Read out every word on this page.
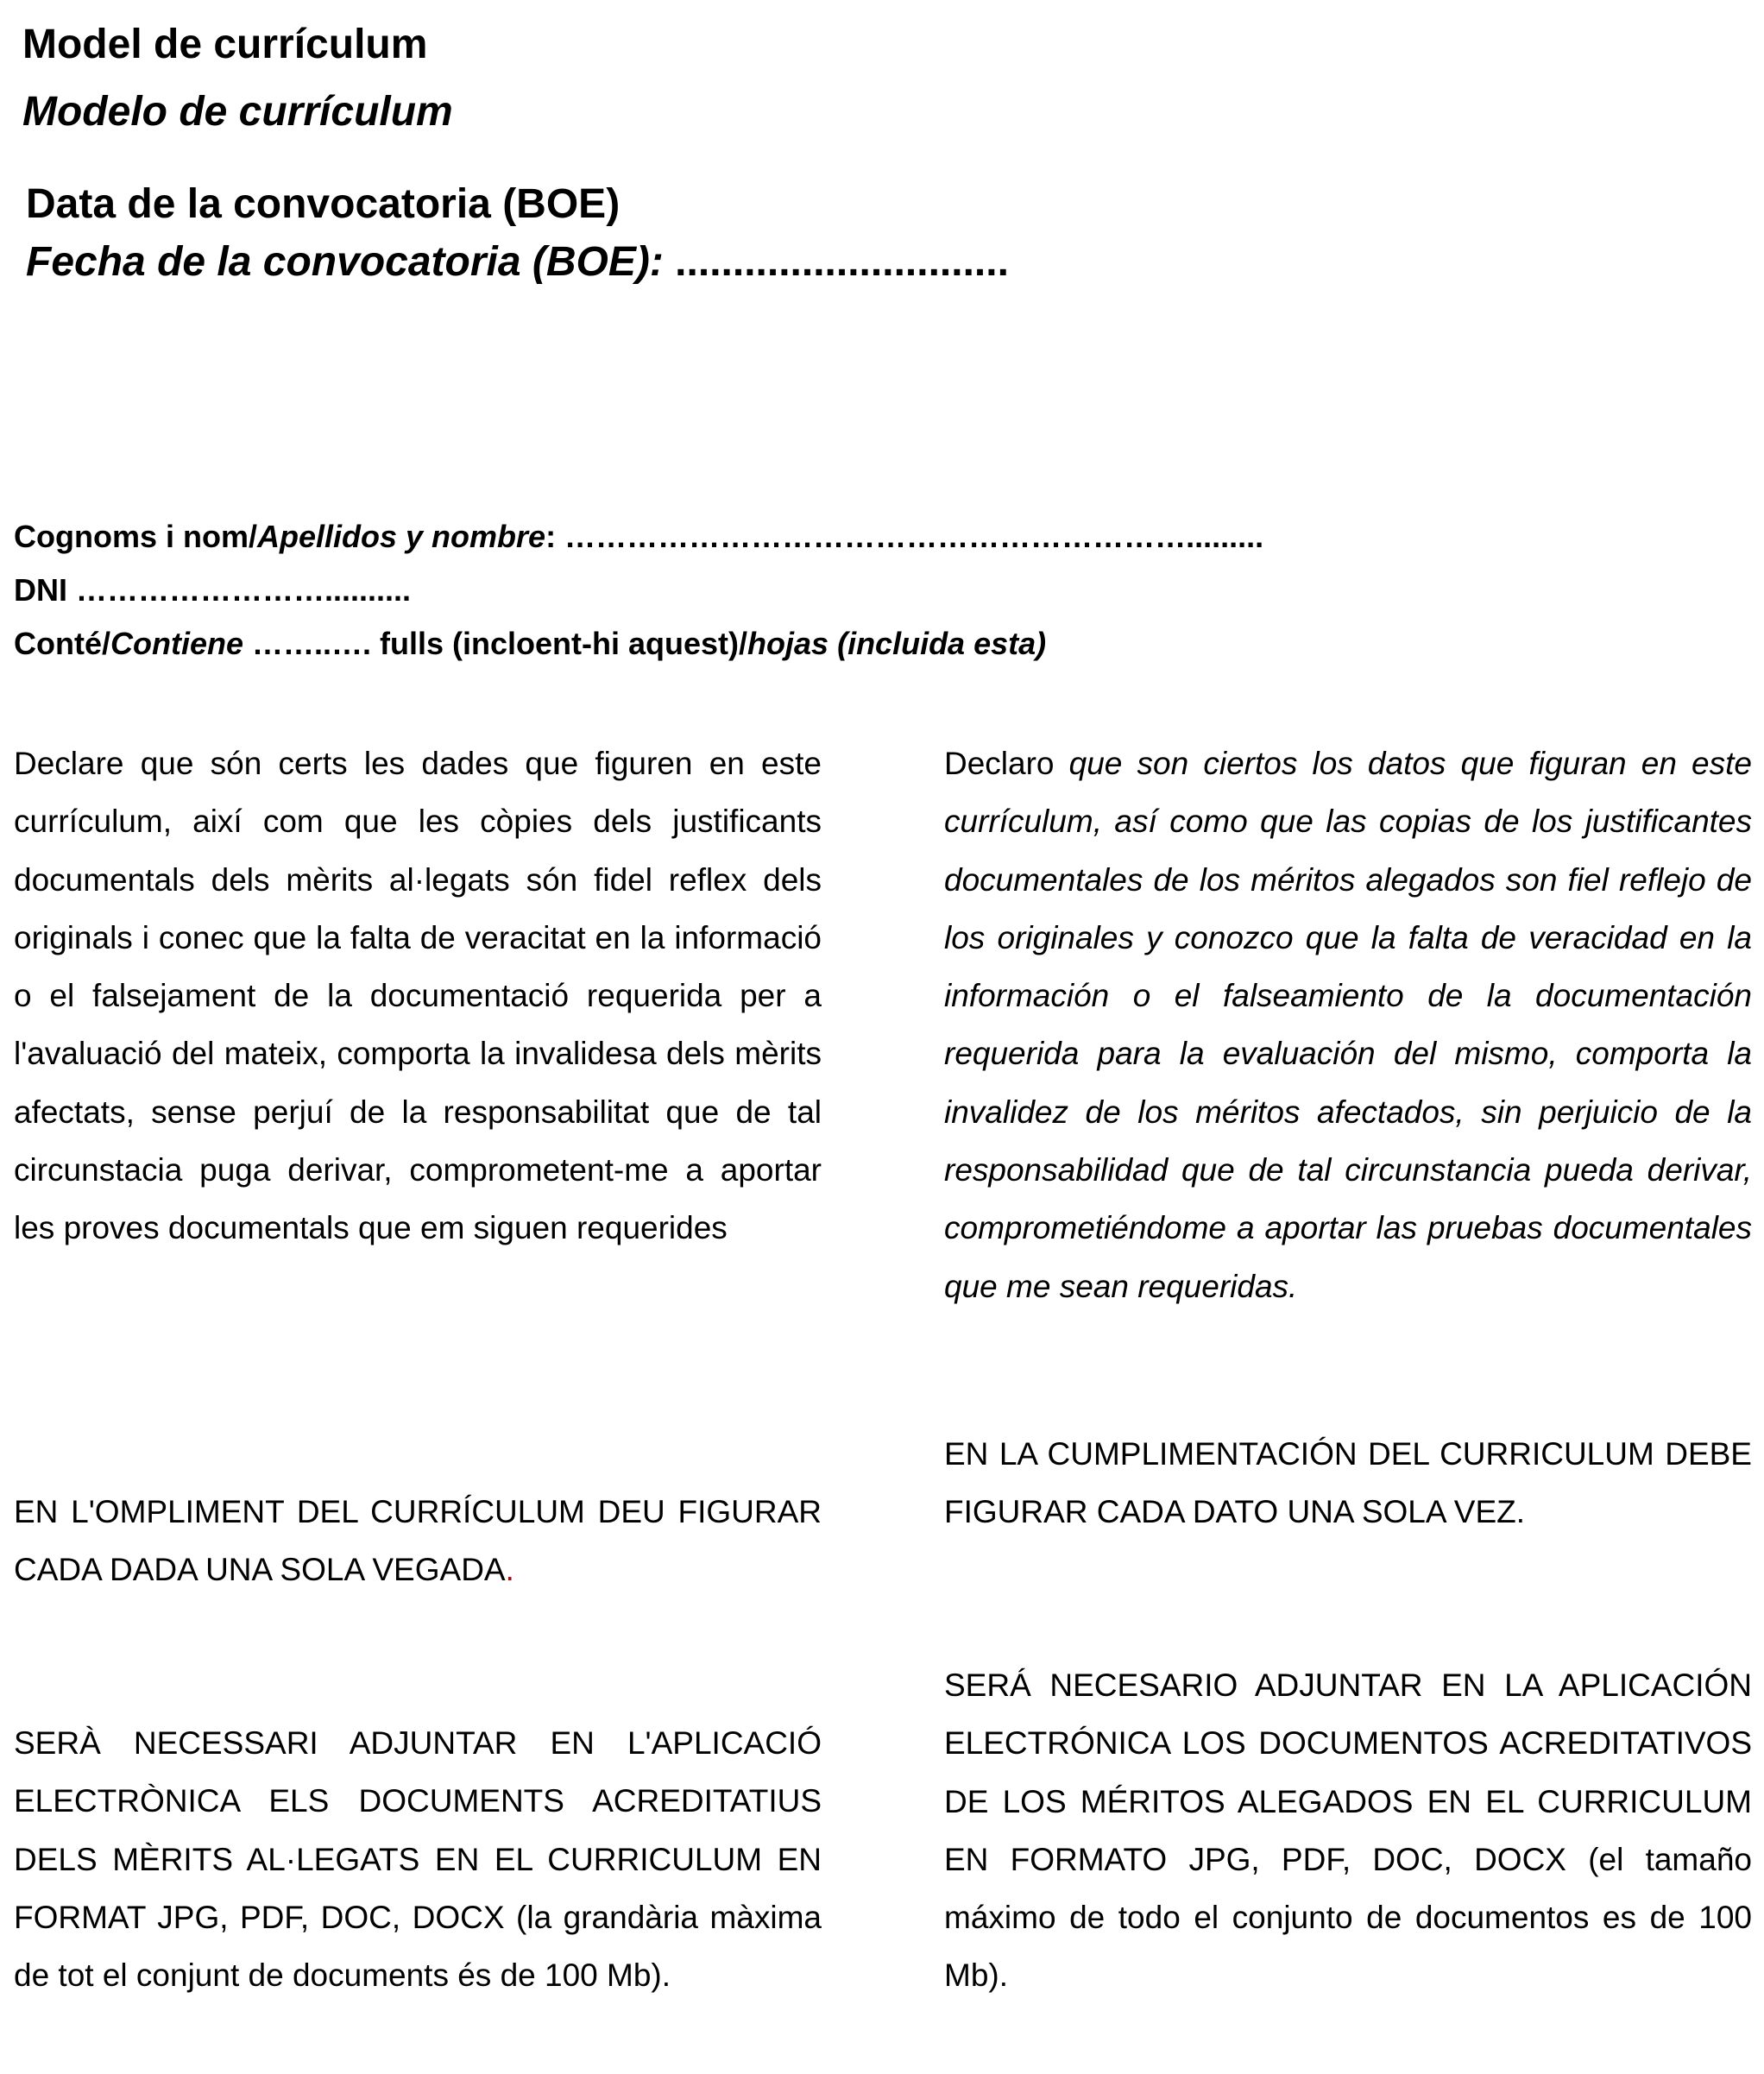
Model de currículum
Modelo de currículum
Data de la convocatoria (BOE)
Fecha de la convocatoria (BOE): .............................
Cognoms i nom/Apellidos y nombre: …………………………………………………….........
DNI ……………………..........
Conté/Contiene ……..…. fulls (incloent-hi aquest)/hojas (incluida esta)

Declare que són certs les dades que figuren en este currículum, així com que les còpies dels justificants documentals dels mèrits al·legats són fidel reflex dels originals i conec que la falta de veracitat en la informació o el falsejament de la documentació requerida per a l'avaluació del mateix, comporta la invalidesa dels mèrits afectats, sense perjuí de la responsabilitat que de tal circunstacia puga derivar, comprometent-me a aportar les proves documentals que em siguen requerides

Declaro que son ciertos los datos que figuran en este currículum, así como que las copias de los justificantes documentales de los méritos alegados son fiel reflejo de los originales y conozco que la falta de veracidad en la información o el falseamiento de la documentación requerida para la evaluación del mismo, comporta la invalidez de los méritos afectados, sin perjuicio de la responsabilidad que de tal circunstancia pueda derivar, comprometiéndome a aportar las pruebas documentales que me sean requeridas.

EN L'OMPLIMENT DEL CURRÍCULUM DEU FIGURAR CADA DADA UNA SOLA VEGADA.

EN LA CUMPLIMENTACIÓN DEL CURRICULUM DEBE FIGURAR CADA DATO UNA SOLA VEZ.

SERÀ NECESSARI ADJUNTAR EN L'APLICACIÓ ELECTRÒNICA ELS DOCUMENTS ACREDITATIUS DELS MÈRITS AL·LEGATS EN EL CURRICULUM EN FORMAT JPG, PDF, DOC, DOCX (la grandària màxima de tot el conjunt de documents és de 100 Mb).

SERÁ NECESARIO ADJUNTAR EN LA APLICACIÓN ELECTRÓNICA LOS DOCUMENTOS ACREDITATIVOS DE LOS MÉRITOS ALEGADOS EN EL CURRICULUM EN FORMATO JPG, PDF, DOC, DOCX (el tamaño máximo de todo el conjunto de documentos es de 100 Mb).
